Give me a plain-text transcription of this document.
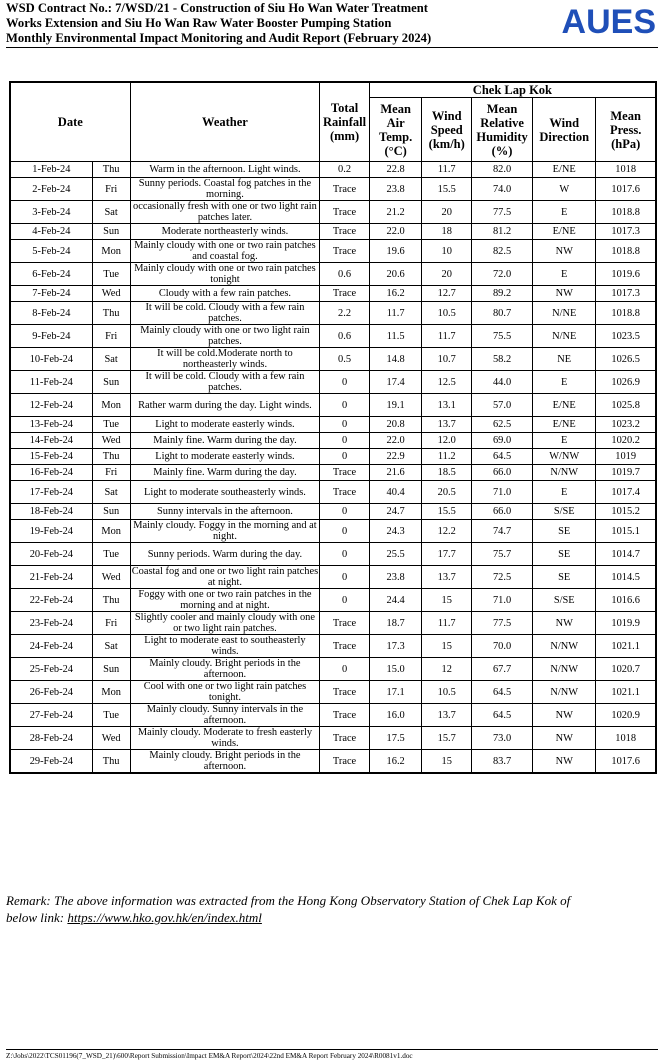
WSD Contract No.: 7/WSD/21 - Construction of Siu Ho Wan Water Treatment
Works Extension and Siu Ho Wan Raw Water Booster Pumping Station
Monthly Environmental Impact Monitoring and Audit Report (February 2024)	AUES
Date		Weather	Total Rainfall (mm)	Chek Lap Kok				
				Mean Air Temp. (°C)	Wind Speed (km/h)	Mean Relative Humidity (%)	Wind Direction	Mean Press. (hPa)
1-Feb-24	Thu	Warm in the afternoon. Light winds.	0.2	22.8	11.7	82.0	E/NE	1018
2-Feb-24	Fri	Sunny periods. Coastal fog patches in the morning.	Trace	23.8	15.5	74.0	W	1017.6
3-Feb-24	Sat	occasionally fresh with one or two light rain patches later.	Trace	21.2	20	77.5	E	1018.8
4-Feb-24	Sun	Moderate northeasterly winds.	Trace	22.0	18	81.2	E/NE	1017.3
5-Feb-24	Mon	Mainly cloudy with one or two rain patches and coastal fog.	Trace	19.6	10	82.5	NW	1018.8
6-Feb-24	Tue	Mainly cloudy with one or two rain patches tonight	0.6	20.6	20	72.0	E	1019.6
7-Feb-24	Wed	Cloudy with a few rain patches.	Trace	16.2	12.7	89.2	NW	1017.3
8-Feb-24	Thu	It will be cold. Cloudy with a few rain patches.	2.2	11.7	10.5	80.7	N/NE	1018.8
9-Feb-24	Fri	Mainly cloudy with one or two light rain patches.	0.6	11.5	11.7	75.5	N/NE	1023.5
10-Feb-24	Sat	It will be cold.Moderate north to northeasterly winds.	0.5	14.8	10.7	58.2	NE	1026.5
11-Feb-24	Sun	It will be cold. Cloudy with a few rain patches.	0	17.4	12.5	44.0	E	1026.9
12-Feb-24	Mon	Rather warm during the day. Light winds.	0	19.1	13.1	57.0	E/NE	1025.8
13-Feb-24	Tue	Light to moderate easterly winds.	0	20.8	13.7	62.5	E/NE	1023.2
14-Feb-24	Wed	Mainly fine. Warm during the day.	0	22.0	12.0	69.0	E	1020.2
15-Feb-24	Thu	Light to moderate easterly winds.	0	22.9	11.2	64.5	W/NW	1019
16-Feb-24	Fri	Mainly fine. Warm during the day.	Trace	21.6	18.5	66.0	N/NW	1019.7
17-Feb-24	Sat	Light to moderate southeasterly winds.	Trace	40.4	20.5	71.0	E	1017.4
18-Feb-24	Sun	Sunny intervals in the afternoon.	0	24.7	15.5	66.0	S/SE	1015.2
19-Feb-24	Mon	Mainly cloudy. Foggy in the morning and at night.	0	24.3	12.2	74.7	SE	1015.1
20-Feb-24	Tue	Sunny periods. Warm during the day.	0	25.5	17.7	75.7	SE	1014.7
21-Feb-24	Wed	Coastal fog and one or two light rain patches at night.	0	23.8	13.7	72.5	SE	1014.5
22-Feb-24	Thu	Foggy with one or two rain patches in the morning and at night.	0	24.4	15	71.0	S/SE	1016.6
23-Feb-24	Fri	Slightly cooler and mainly cloudy with one or two light rain patches.	Trace	18.7	11.7	77.5	NW	1019.9
24-Feb-24	Sat	Light to moderate east to southeasterly winds.	Trace	17.3	15	70.0	N/NW	1021.1
25-Feb-24	Sun	Mainly cloudy. Bright periods in the afternoon.	0	15.0	12	67.7	N/NW	1020.7
26-Feb-24	Mon	Cool with one or two light rain patches tonight.	Trace	17.1	10.5	64.5	N/NW	1021.1
27-Feb-24	Tue	Mainly cloudy. Sunny intervals in the afternoon.	Trace	16.0	13.7	64.5	NW	1020.9
28-Feb-24	Wed	Mainly cloudy. Moderate to fresh easterly winds.	Trace	17.5	15.7	73.0	NW	1018
29-Feb-24	Thu	Mainly cloudy. Bright periods in the afternoon.	Trace	16.2	15	83.7	NW	1017.6
Remark: The above information was extracted from the Hong Kong Observatory Station of Chek Lap Kok of
below link: https://www.hko.gov.hk/en/index.html
Z:\Jobs\2022\TCS01196(7_WSD_21)\600\Report Submission\Impact EM&A Report\2024\22nd EM&A Report February 2024\R0081v1.doc
